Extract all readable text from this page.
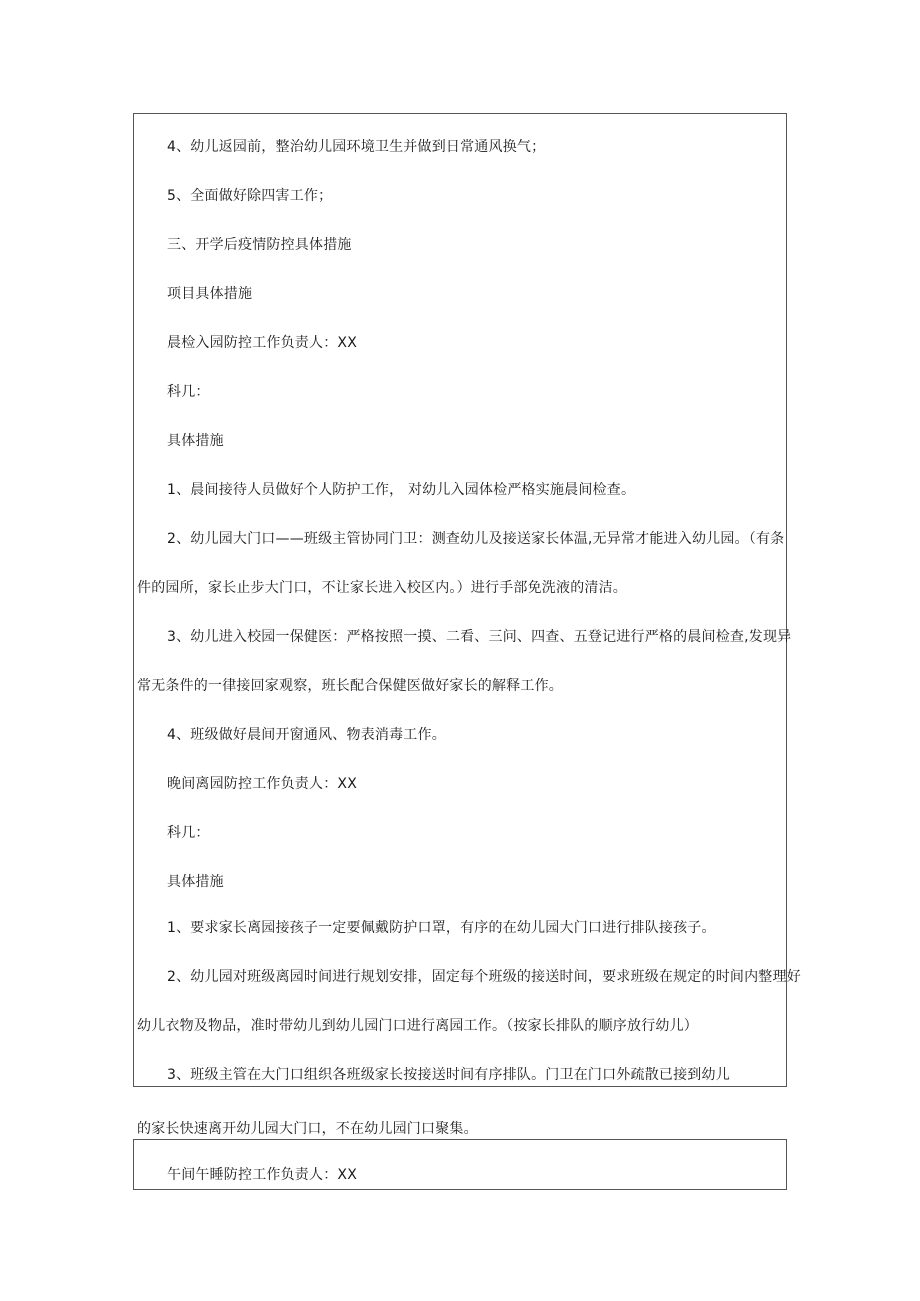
4、幼儿返园前，整治幼儿园环境卫生并做到日常通风换气；
5、全面做好除四害工作；
三、开学后疫情防控具体措施
项目具体措施
晨检入园防控工作负责人：XX
科几：
具体措施
1、晨间接待人员做好个人防护工作， 对幼儿入园体检严格实施晨间检查。
2、幼儿园大门口——班级主管协同门卫：测查幼儿及接送家长体温,无异常才能进入幼儿园。（有条
件的园所，家长止步大门口，不让家长进入校区内。）进行手部免洗液的清洁。
3、幼儿进入校园一保健医：严格按照一摸、二看、三问、四查、五登记进行严格的晨间检查,发现异
常无条件的一律接回家观察，班长配合保健医做好家长的解释工作。
4、班级做好晨间开窗通风、物表消毒工作。
晚间离园防控工作负责人：XX
科几：
具体措施
1、要求家长离园接孩子一定要佩戴防护口罩，有序的在幼儿园大门口进行排队接孩子。
2、幼儿园对班级离园时间进行规划安排，固定每个班级的接送时间，要求班级在规定的时间内整理好
幼儿衣物及物品，准时带幼儿到幼儿园门口进行离园工作。（按家长排队的顺序放行幼儿）
3、班级主管在大门口组织各班级家长按接送时间有序排队。门卫在门口外疏散已接到幼儿
的家长快速离开幼儿园大门口，不在幼儿园门口聚集。
午间午睡防控工作负责人：XX
